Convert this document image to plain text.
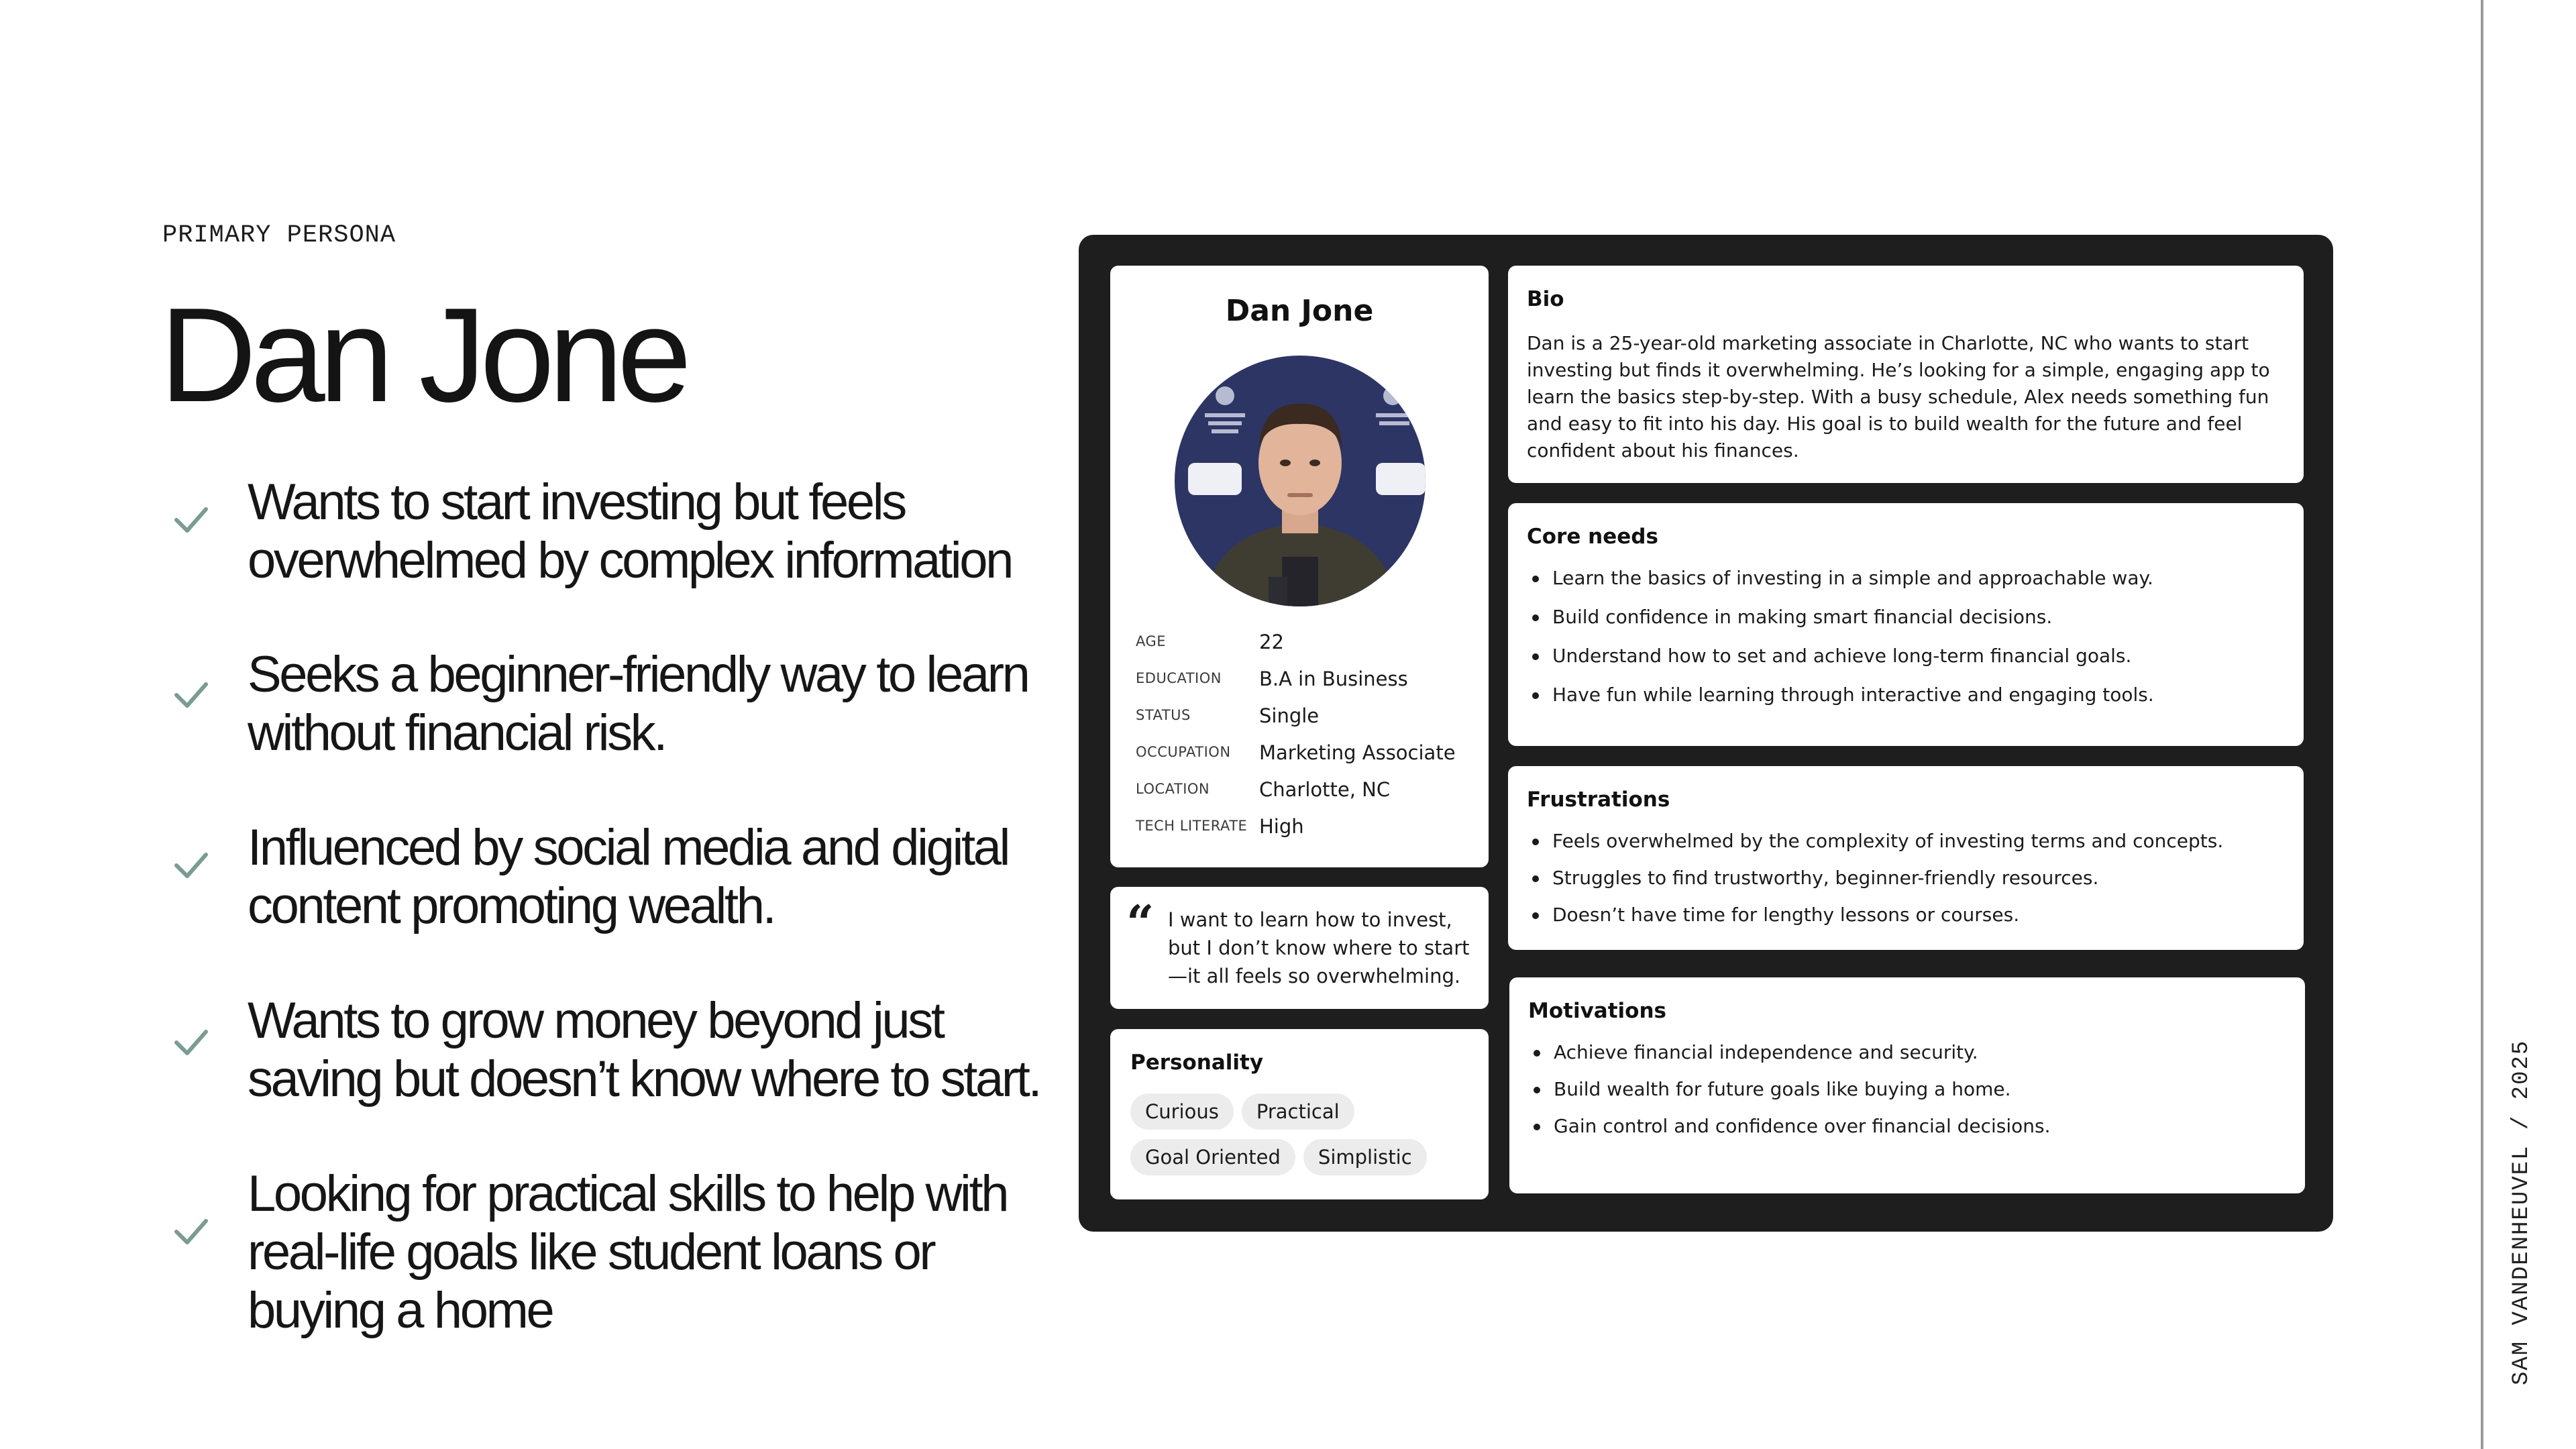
PRIMARY PERSONA
Dan Jone
Wants to start investing but feels overwhelmed by complex information
Seeks a beginner-friendly way to learn without financial risk.
Influenced by social media and digital content promoting wealth.
Wants to grow money beyond just saving but doesn’t know where to start.
Looking for practical skills to help with real-life goals like student loans or buying a home
Dan Jone
AGE	22
EDUCATION B.A in Business
STATUS	Single
OCCUPATION Marketing Associate
LOCATION	Charlotte, NC
TECH LITERATE High
“ I want to learn how to invest, but I don’t know where to start—it all feels so overwhelming.
Personality
Curious	Practical
Goal Oriented	Simplistic
Bio
Dan is a 25-year-old marketing associate in Charlotte, NC who wants to start investing but finds it overwhelming. He’s looking for a simple, engaging app to learn the basics step-by-step. With a busy schedule, Alex needs something fun and easy to fit into his day. His goal is to build wealth for the future and feel confident about his finances.
Core needs
Learn the basics of investing in a simple and approachable way.
Build confidence in making smart financial decisions.
Understand how to set and achieve long-term financial goals.
Have fun while learning through interactive and engaging tools.
Frustrations
Feels overwhelmed by the complexity of investing terms and concepts.
Struggles to find trustworthy, beginner-friendly resources.
Doesn’t have time for lengthy lessons or courses.
Motivations
Achieve financial independence and security.
Build wealth for future goals like buying a home.
Gain control and confidence over financial decisions.	SAM VANDENHEUVEL / 2025
